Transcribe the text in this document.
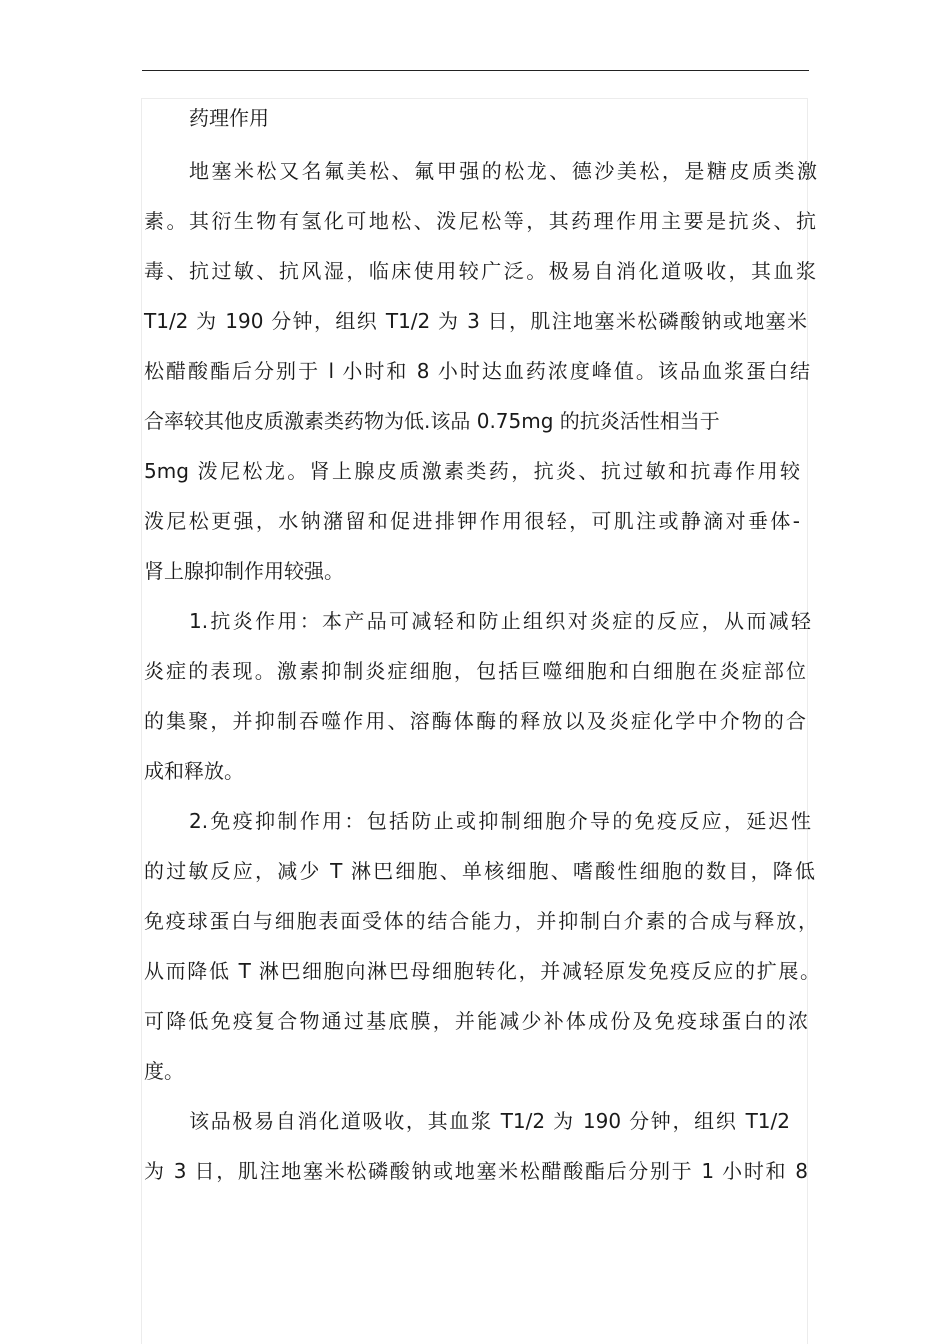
药理作用
地塞米松又名氟美松、氟甲强的松龙、德沙美松，是糖皮质类激
素。其衍生物有氢化可地松、泼尼松等，其药理作用主要是抗炎、抗
毒、抗过敏、抗风湿，临床使用较广泛。极易自消化道吸收，其血浆
T1/2 为 190 分钟，组织 T1/2 为 3 日，肌注地塞米松磷酸钠或地塞米
松醋酸酯后分别于 l 小时和 8 小时达血药浓度峰值。该品血浆蛋白结
合率较其他皮质激素类药物为低.该品 0.75mg 的抗炎活性相当于
5mg 泼尼松龙。肾上腺皮质激素类药，抗炎、抗过敏和抗毒作用较
泼尼松更强，水钠潴留和促进排钾作用很轻，可肌注或静滴对垂体-
肾上腺抑制作用较强。
1.抗炎作用：本产品可减轻和防止组织对炎症的反应，从而减轻
炎症的表现。激素抑制炎症细胞，包括巨噬细胞和白细胞在炎症部位
的集聚，并抑制吞噬作用、溶酶体酶的释放以及炎症化学中介物的合
成和释放。
2.免疫抑制作用：包括防止或抑制细胞介导的免疫反应，延迟性
的过敏反应，减少 T 淋巴细胞、单核细胞、嗜酸性细胞的数目，降低
免疫球蛋白与细胞表面受体的结合能力，并抑制白介素的合成与释放，
从而降低 T 淋巴细胞向淋巴母细胞转化，并减轻原发免疫反应的扩展。
可降低免疫复合物通过基底膜，并能减少补体成份及免疫球蛋白的浓
度。
该品极易自消化道吸收，其血浆 T1/2 为 190 分钟，组织 T1/2
为 3 日，肌注地塞米松磷酸钠或地塞米松醋酸酯后分别于 1 小时和 8
